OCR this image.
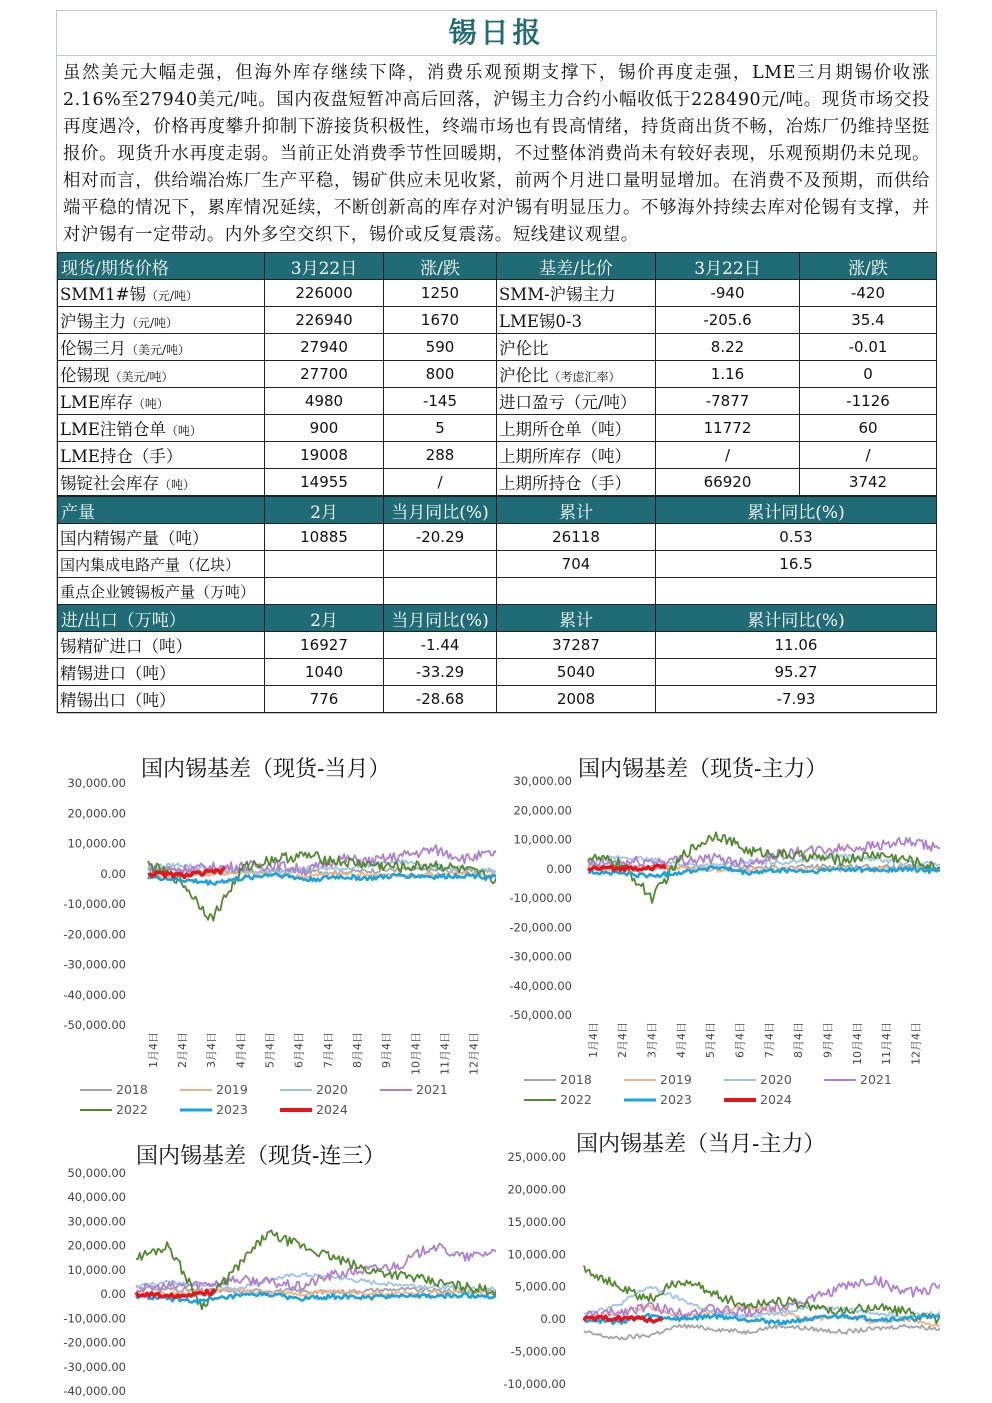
锡日报
虽然美元大幅走强，但海外库存继续下降，消费乐观预期支撑下，锡价再度走强，LME三月期锡价收涨2.16%至27940美元/吨。国内夜盘短暂冲高后回落，沪锡主力合约小幅收低于228490元/吨。现货市场交投再度遇冷，价格再度攀升抑制下游接货积极性，终端市场也有畏高情绪，持货商出货不畅，冶炼厂仍维持坚挺报价。现货升水再度走弱。当前正处消费季节性回暖期，不过整体消费尚未有较好表现，乐观预期仍未兑现。相对而言，供给端冶炼厂生产平稳，锡矿供应未见收紧，前两个月进口量明显增加。在消费不及预期，而供给端平稳的情况下，累库情况延续，不断创新高的库存对沪锡有明显压力。不够海外持续去库对伦锡有支撑，并对沪锡有一定带动。内外多空交织下，锡价或反复震荡。短线建议观望。
现货/期货价格	3月22日	涨/跌	基差/比价	3月22日	涨/跌
SMM1#锡（元/吨）	226000	1250	SMM-沪锡主力	-940	-420
沪锡主力（元/吨）	226940	1670	LME锡0-3	-205.6	35.4
伦锡三月（美元/吨）	27940	590	沪伦比	8.22	-0.01
伦锡现（美元/吨）	27700	800	沪伦比（考虑汇率）	1.16	0
LME库存（吨）	4980	-145	进口盈亏（元/吨）	-7877	-1126
LME注销仓单（吨）	900	5	上期所仓单（吨）	11772	60
LME持仓（手）	19008	288	上期所库存（吨）	/	/
锡锭社会库存（吨）	14955	/	上期所持仓（手）	66920	3742
产量	2月	当月同比(%)	累计	累计同比(%)
国内精锡产量（吨）	10885	-20.29	26118	0.53
国内集成电路产量（亿块）			704	16.5
重点企业镀锡板产量（万吨）				
进/出口（万吨）	2月	当月同比(%)	累计	累计同比(%)
锡精矿进口（吨）	16927	-1.44	37287	11.06
精锡进口（吨）	1040	-33.29	5040	95.27
精锡出口（吨）	776	-28.68	2008	-7.93
国内锡基差（现货-当月）
30,000.00
20,000.00
10,000.00
0.00
-10,000.00
-20,000.00
-30,000.00
-40,000.00
-50,000.00
1月4日 2月4日 3月4日 4月4日 5月4日 6月4日 7月4日 8月4日 9月4日 10月4日 11月4日 12月4日
2018	2019	2020	2021
2022	2023	2024
国内锡基差（现货-主力）
30,000.00
20,000.00
10,000.00
0.00
-10,000.00
-20,000.00
-30,000.00
-40,000.00
-50,000.00
1月4日 2月4日 3月4日 4月4日 5月4日 6月4日 7月4日 8月4日 9月4日 10月4日 11月4日 12月4日
2018	2019	2020	2021
2022	2023	2024
国内锡基差（现货-连三）
50,000.00
40,000.00
30,000.00
20,000.00
10,000.00
0.00
-10,000.00
-20,000.00
-30,000.00
-40,000.00
国内锡基差（当月-主力）
25,000.00
20,000.00
15,000.00
10,000.00
5,000.00
0.00
-5,000.00
-10,000.00
